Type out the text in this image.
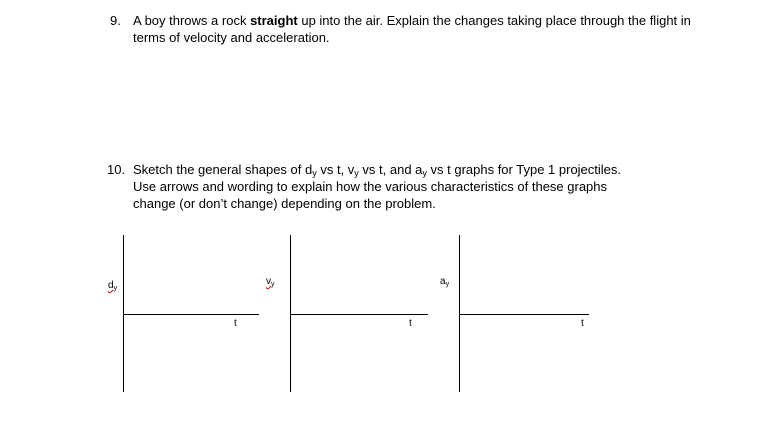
9. A boy throws a rock straight up into the air. Explain the changes taking place through the flight in
terms of velocity and acceleration.
10. Sketch the general shapes of $d_y$ vs t, $v_y$ vs t, and $a_y$ vs t graphs for Type 1 projectiles.
Use arrows and wording to explain how the various characteristics of these graphs
change (or don’t change) depending on the problem.
$d_y$
t
$v_y$
t
$a_y$
t
